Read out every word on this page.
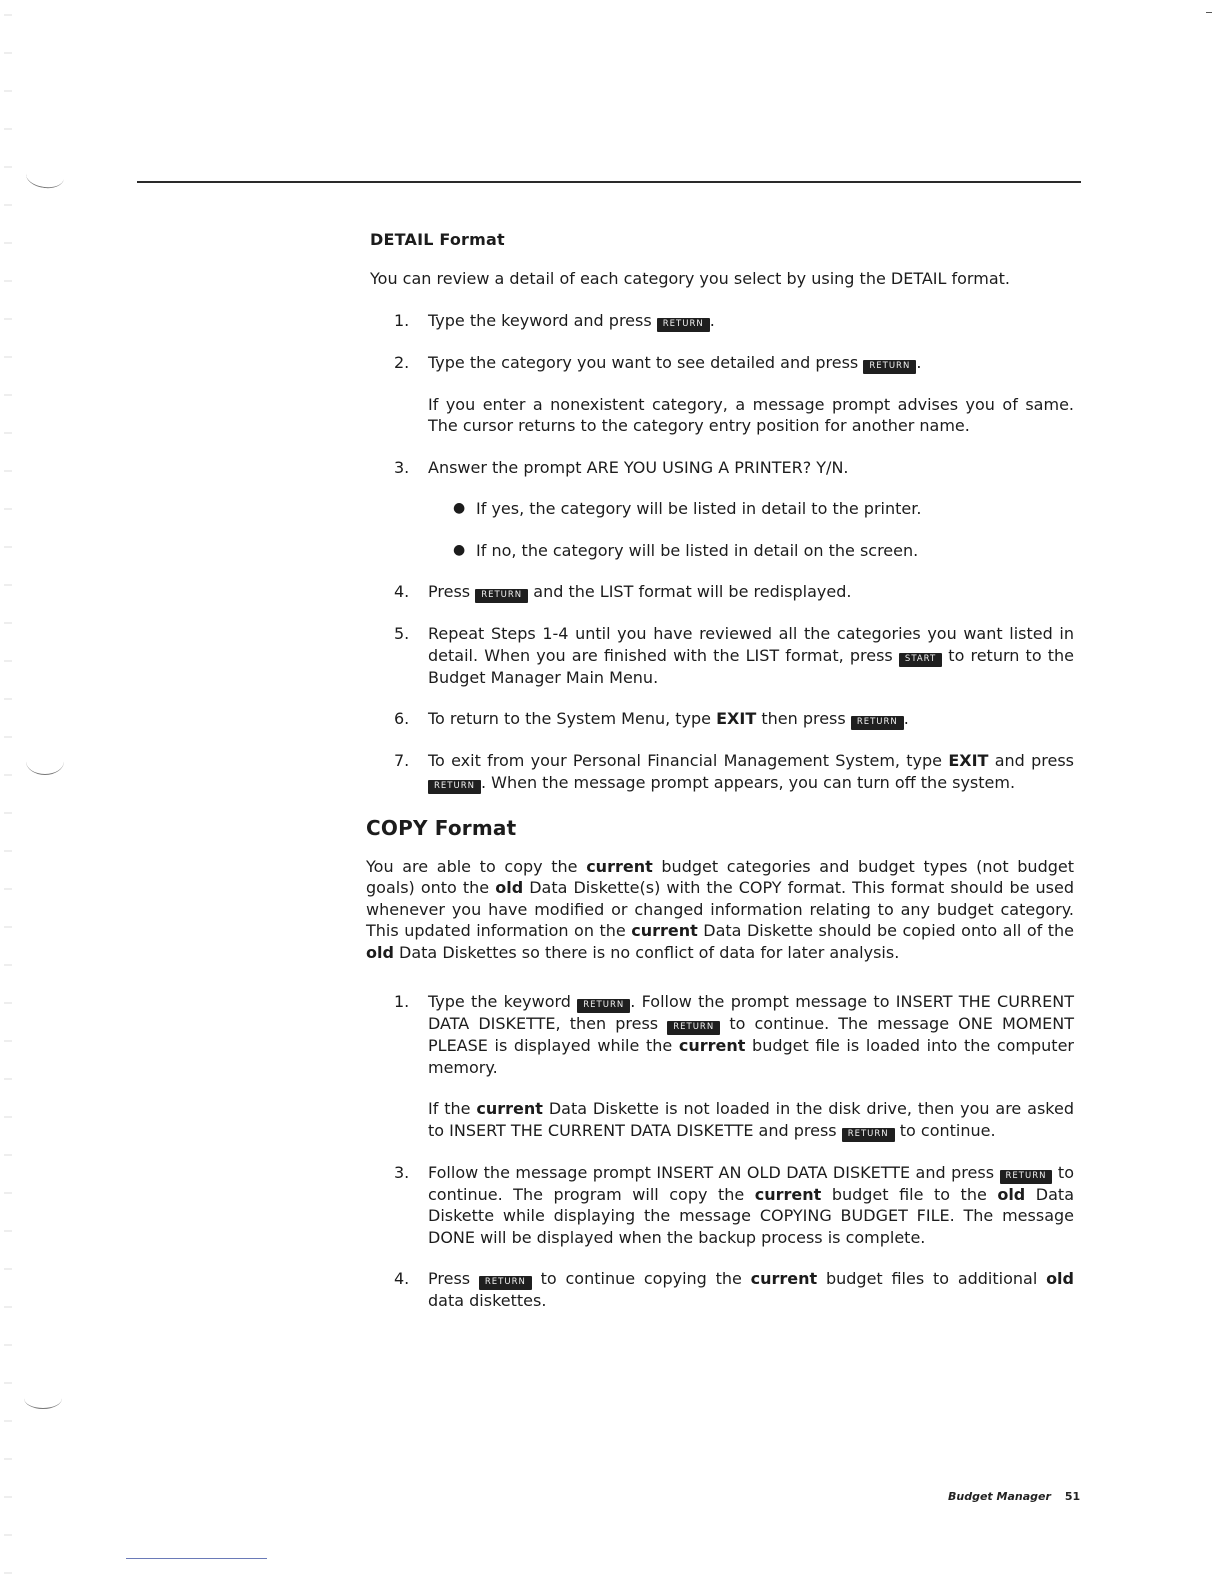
DETAIL Format

You can review a detail of each category you select by using the DETAIL format.

1. Type the keyword and press RETURN .
2. Type the category you want to see detailed and press RETURN .

If you enter a nonexistent category, a message prompt advises you of same. The cursor returns to the category entry position for another name.

3. Answer the prompt ARE YOU USING A PRINTER? Y/N.
● If yes, the category will be listed in detail to the printer.
● If no, the category will be listed in detail on the screen.
4. Press RETURN and the LIST format will be redisplayed.
5. Repeat Steps 1-4 until you have reviewed all the categories you want listed in detail. When you are finished with the LIST format, press START to return to the Budget Manager Main Menu.
6. To return to the System Menu, type EXIT then press RETURN .
7. To exit from your Personal Financial Management System, type EXIT and press RETURN . When the message prompt appears, you can turn off the system.
COPY Format

You are able to copy the current budget categories and budget types (not budget goals) onto the old Data Diskette(s) with the COPY format. This format should be used whenever you have modified or changed information relating to any budget category. This updated information on the current Data Diskette should be copied onto all of the old Data Diskettes so there is no conflict of data for later analysis.

1. Type the keyword RETURN . Follow the prompt message to INSERT THE CURRENT DATA DISKETTE, then press RETURN to continue. The message ONE MOMENT PLEASE is displayed while the current budget file is loaded into the computer memory.

If the current Data Diskette is not loaded in the disk drive, then you are asked to INSERT THE CURRENT DATA DISKETTE and press RETURN to continue.

3. Follow the message prompt INSERT AN OLD DATA DISKETTE and press RETURN to continue. The program will copy the current budget file to the old Data Diskette while displaying the message COPYING BUDGET FILE. The message DONE will be displayed when the backup process is complete.
4. Press RETURN to continue copying the current budget files to additional old data diskettes.
Budget Manager 51
